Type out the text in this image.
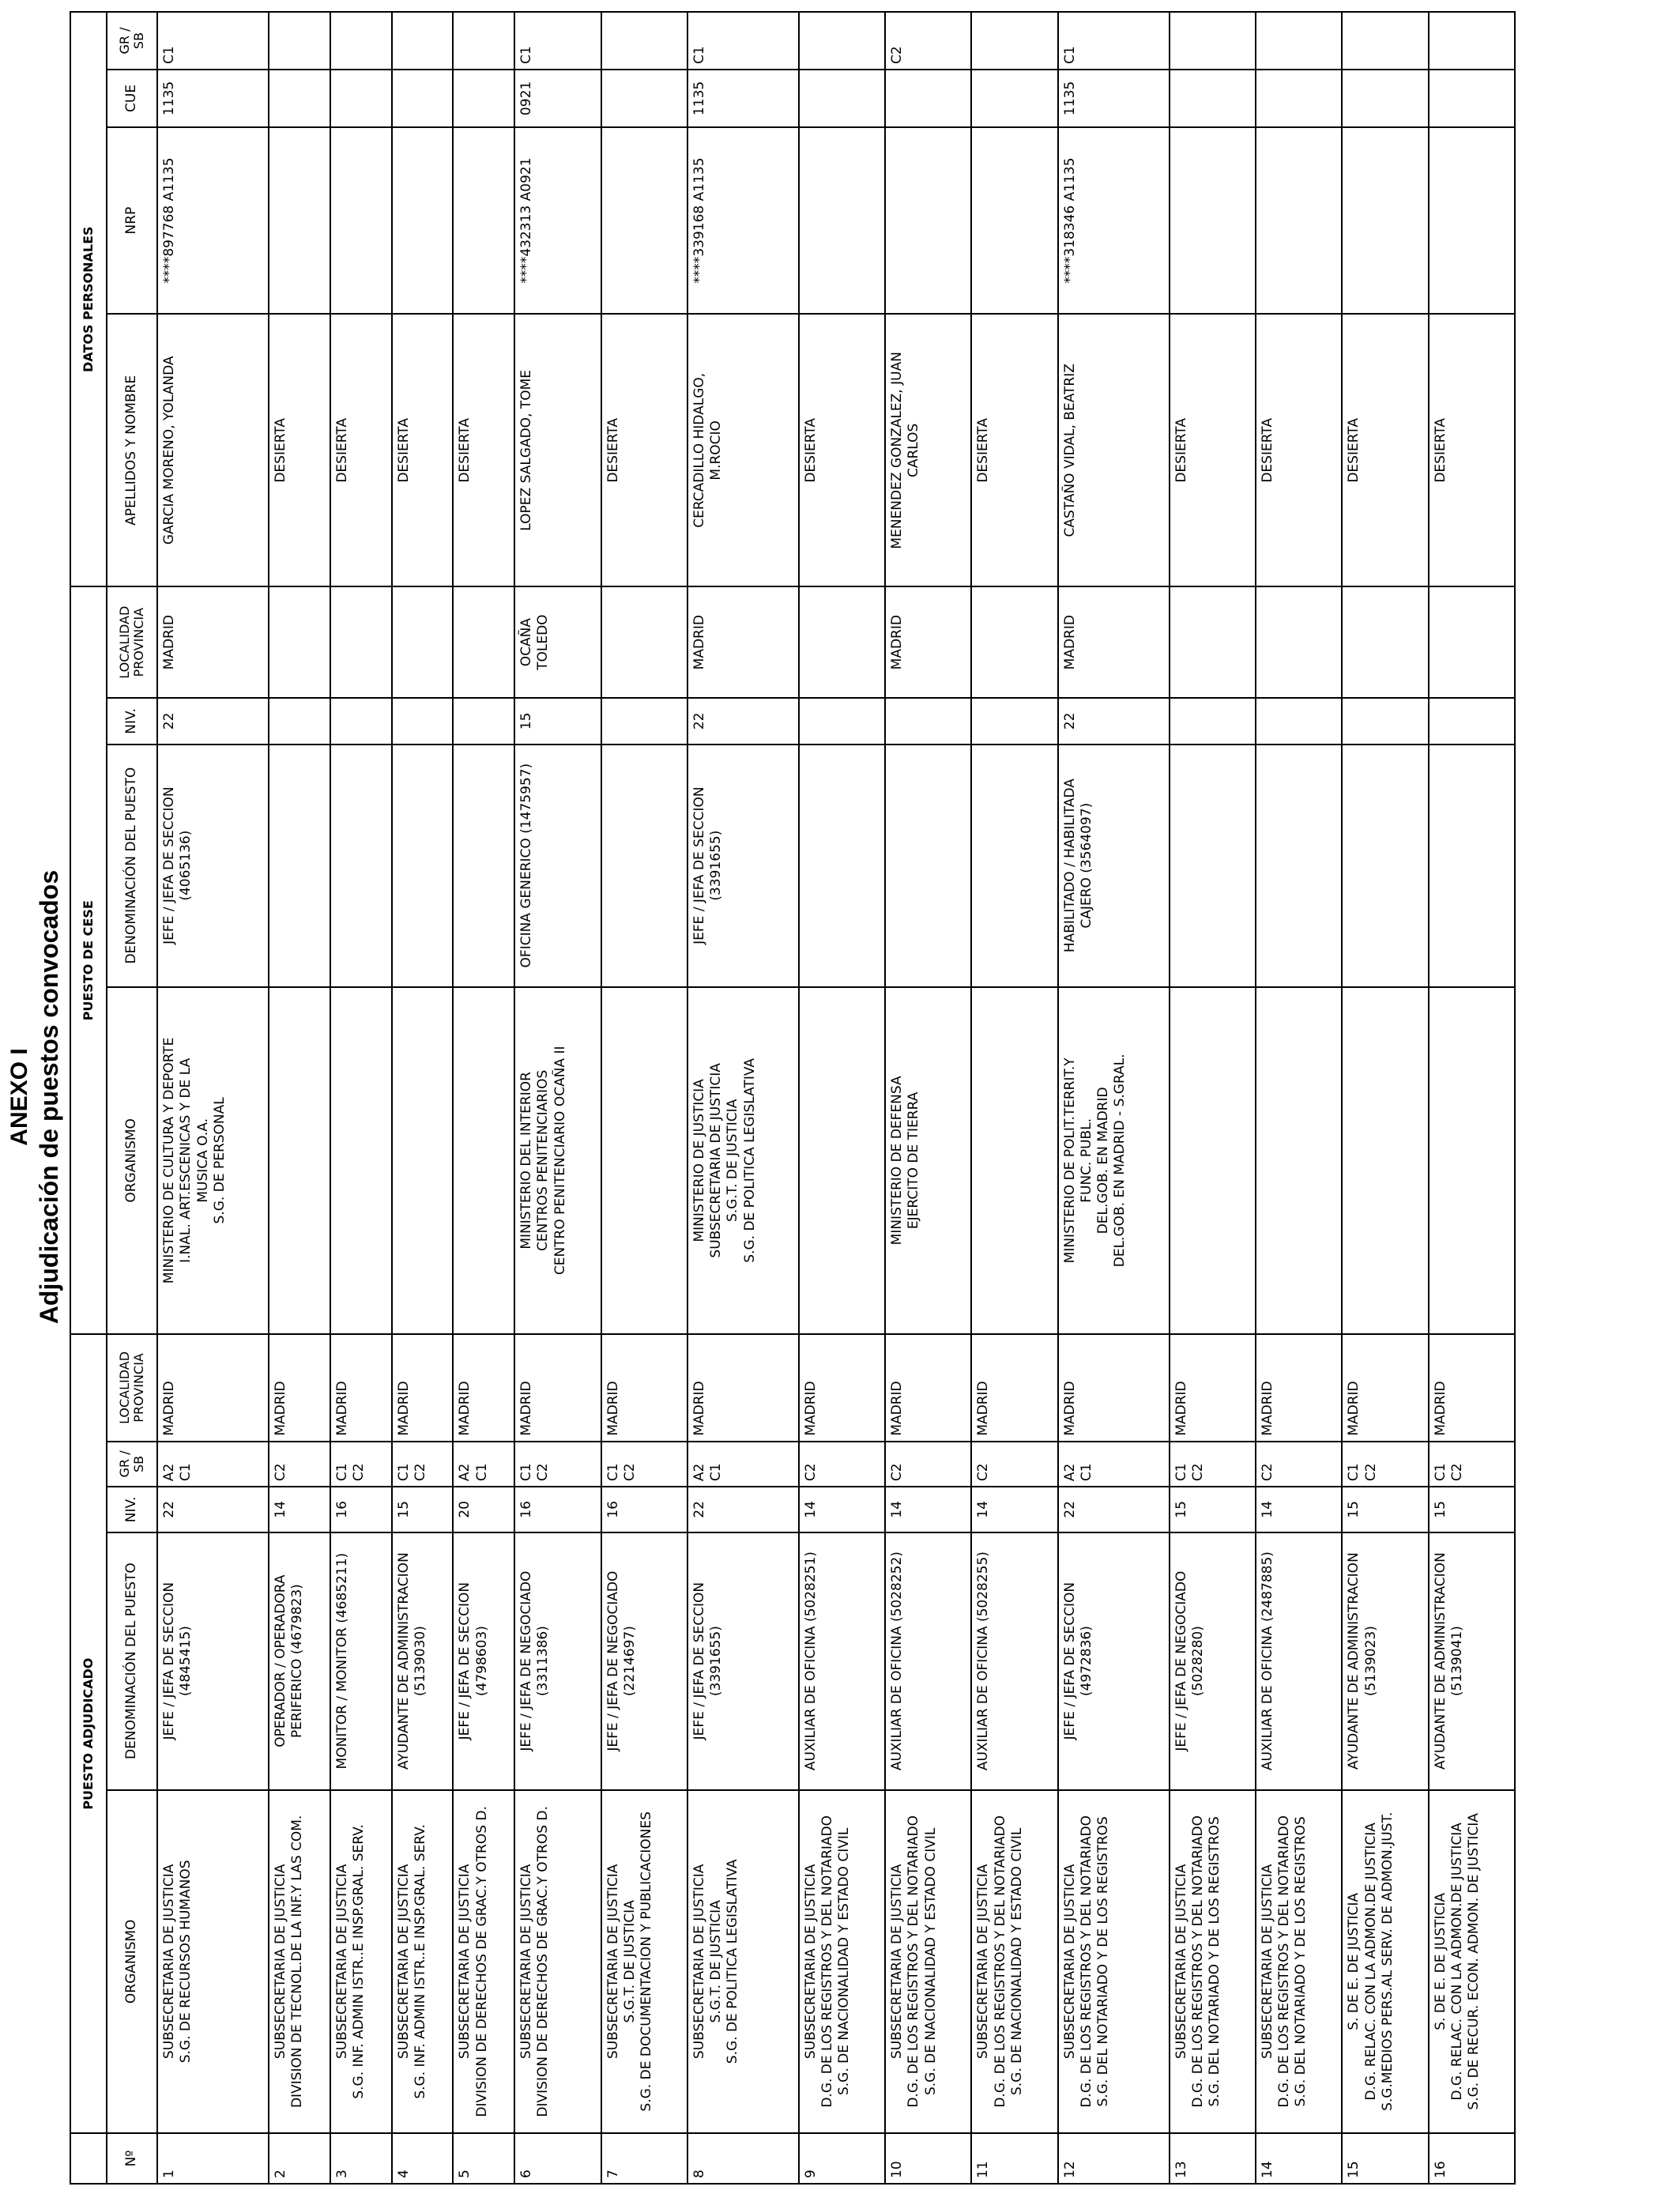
ANEXO I Adjudicación de puestos convocados
	PUESTO ADJUDICADO					PUESTO DE CESE				DATOS PERSONALES			
Nº	ORGANISMO	DENOMINACIÓN DEL PUESTO	NIV.	GR / SB	LOCALIDAD PROVINCIA	ORGANISMO	DENOMINACIÓN DEL PUESTO	NIV.	LOCALIDAD PROVINCIA	APELLIDOS Y NOMBRE	NRP	CUE	GR / SB
1	SUBSECRETARIA DE JUSTICIA
S.G. DE RECURSOS HUMANOS	JEFE / JEFA DE SECCION
(4845415)	22	A2
C1	MADRID	MINISTERIO DE CULTURA Y DEPORTE
I.NAL. ART.ESCENICAS Y DE LA
MUSICA O.A.
S.G. DE PERSONAL	JEFE / JEFA DE SECCION
(4065136)	22	MADRID	GARCIA MORENO, YOLANDA	****897768 A1135	1135	C1
2	SUBSECRETARIA DE JUSTICIA
DIVISION DE TECNOL.DE LA INF.Y LAS COM.	OPERADOR / OPERADORA
PERIFERICO (4679823)	14	C2	MADRID					DESIERTA			
3	SUBSECRETARIA DE JUSTICIA
S.G. INF. ADMIN ISTR..E INSP.GRAL. SERV.	MONITOR / MONITOR (4685211)	16	C1
C2	MADRID					DESIERTA			
4	SUBSECRETARIA DE JUSTICIA
S.G. INF. ADMIN ISTR..E INSP.GRAL. SERV.	AYUDANTE DE ADMINISTRACION
(5139030)	15	C1
C2	MADRID					DESIERTA			
5	SUBSECRETARIA DE JUSTICIA
DIVISION DE DERECHOS DE GRAC.Y OTROS D.	JEFE / JEFA DE SECCION
(4798603)	20	A2
C1	MADRID					DESIERTA			
6	SUBSECRETARIA DE JUSTICIA
DIVISION DE DERECHOS DE GRAC.Y OTROS D.	JEFE / JEFA DE NEGOCIADO
(3311386)	16	C1
C2	MADRID	MINISTERIO DEL INTERIOR
CENTROS PENITENCIARIOS
CENTRO PENITENCIARIO OCAÑA II	OFICINA GENERICO (1475957)	15	OCAÑA
TOLEDO	LOPEZ SALGADO, TOME	****432313 A0921	0921	C1
7	SUBSECRETARIA DE JUSTICIA
S.G.T. DE JUSTICIA
S.G. DE DOCUMENTACION Y PUBLICACIONES	JEFE / JEFA DE NEGOCIADO
(2214697)	16	C1
C2	MADRID					DESIERTA			
8	SUBSECRETARIA DE JUSTICIA
S.G.T. DE JUSTICIA
S.G. DE POLITICA LEGISLATIVA	JEFE / JEFA DE SECCION
(3391655)	22	A2
C1	MADRID	MINISTERIO DE JUSTICIA
SUBSECRETARIA DE JUSTICIA
S.G.T. DE JUSTICIA
S.G. DE POLITICA LEGISLATIVA	JEFE / JEFA DE SECCION
(3391655)	22	MADRID	CERCADILLO HIDALGO,
M.ROCIO	****339168 A1135	1135	C1
9	SUBSECRETARIA DE JUSTICIA
D.G. DE LOS REGISTROS Y DEL NOTARIADO
S.G. DE NACIONALIDAD Y ESTADO CIVIL	AUXILIAR DE OFICINA (5028251)	14	C2	MADRID					DESIERTA			
10	SUBSECRETARIA DE JUSTICIA
D.G. DE LOS REGISTROS Y DEL NOTARIADO
S.G. DE NACIONALIDAD Y ESTADO CIVIL	AUXILIAR DE OFICINA (5028252)	14	C2	MADRID	MINISTERIO DE DEFENSA
EJERCITO DE TIERRA			MADRID	MENENDEZ GONZALEZ, JUAN
CARLOS			C2
11	SUBSECRETARIA DE JUSTICIA
D.G. DE LOS REGISTROS Y DEL NOTARIADO
S.G. DE NACIONALIDAD Y ESTADO CIVIL	AUXILIAR DE OFICINA (5028255)	14	C2	MADRID					DESIERTA			
12	SUBSECRETARIA DE JUSTICIA
D.G. DE LOS REGISTROS Y DEL NOTARIADO
S.G. DEL NOTARIADO Y DE LOS REGISTROS	JEFE / JEFA DE SECCION
(4972836)	22	A2
C1	MADRID	MINISTERIO DE POLIT.TERRIT.Y
FUNC. PUBL.
DEL.GOB. EN MADRID
DEL.GOB. EN MADRID - S.GRAL.	HABILITADO / HABILITADA
CAJERO (3564097)	22	MADRID	CASTAÑO VIDAL, BEATRIZ	****318346 A1135	1135	C1
13	SUBSECRETARIA DE JUSTICIA
D.G. DE LOS REGISTROS Y DEL NOTARIADO
S.G. DEL NOTARIADO Y DE LOS REGISTROS	JEFE / JEFA DE NEGOCIADO
(5028280)	15	C1
C2	MADRID					DESIERTA			
14	SUBSECRETARIA DE JUSTICIA
D.G. DE LOS REGISTROS Y DEL NOTARIADO
S.G. DEL NOTARIADO Y DE LOS REGISTROS	AUXILIAR DE OFICINA (2487885)	14	C2	MADRID					DESIERTA			
15	S. DE E. DE JUSTICIA
D.G. RELAC. CON LA ADMON.DE JUSTICIA
S.G.MEDIOS PERS.AL SERV. DE ADMON.JUST.	AYUDANTE DE ADMINISTRACION
(5139023)	15	C1
C2	MADRID					DESIERTA			
16	S. DE E. DE JUSTICIA
D.G. RELAC. CON LA ADMON.DE JUSTICIA
S.G. DE RECUR. ECON. ADMON. DE JUSTICIA	AYUDANTE DE ADMINISTRACION
(5139041)	15	C1
C2	MADRID					DESIERTA			
